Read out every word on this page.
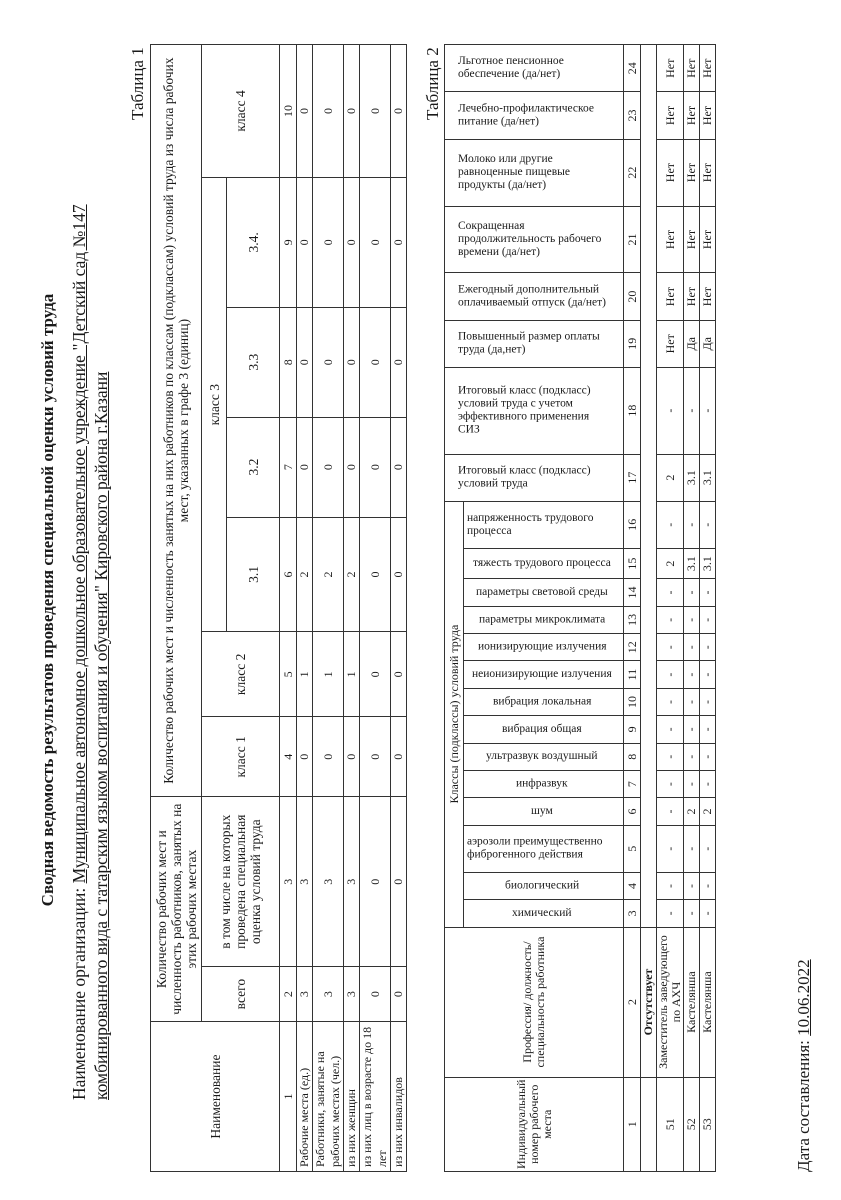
Сводная ведомость результатов проведения специальной оценки условий труда
Наименование организации: Муниципальное автономное дошкольное образовательное учреждение "Детский сад №147 комбинированного вида с татарским языком воспитания и обучения" Кировского района г.Казани
Таблица 1
Наименование	Количество рабочих мест и численность работников, занятых на этих рабочих местах		Количество рабочих мест и численность занятых на них работников по классам (подклассам) условий труда из числа рабочих мест, указанных в графе 3 (единиц)						
	всего	в том числе на которых проведена специальная оценка условий труда	класс 1	класс 2	класс 3				класс 4
					3.1	3.2	3.3	3.4.	
1	2	3	4	5	6	7	8	9	10
Рабочие места (ед.)	3	3	0	1	2	0	0	0	0
Работники, занятые на рабочих местах (чел.)	3	3	0	1	2	0	0	0	0
из них женщин	3	3	0	1	2	0	0	0	0
из них лиц в возрасте до 18 лет	0	0	0	0	0	0	0	0	0
из них инвалидов	0	0	0	0	0	0	0	0	0 Таблица 2
Индивидуальный номер рабочего места	Профессия/ должность/ специальность работника	Классы (подклассы) условий труда														Итоговый класс (подкласс) условий труда	Итоговый класс (подкласс) условий труда с учетом эффективного применения СИЗ	Повышенный размер оплаты труда (да,нет)	Ежегодный дополнительный оплачиваемый отпуск (да/нет)	Сокращенная продолжительность рабочего времени (да/нет)	Молоко или другие равноценные пищевые продукты (да/нет)	Лечебно-профилактическое питание (да/нет)	Льготное пенсионное обеспечение (да/нет)
		химический	биологический	аэрозоли преимущественно фиброгенного действия	шум	инфразвук	ультразвук воздушный	вибрация общая	вибрация локальная	неионизирующие излучения	ионизирующие излучения	параметры микроклимата	параметры световой среды	тяжесть трудового процесса	напряженность трудового процесса								
1	2	3	4	5	6	7	8	9	10	11	12	13	14	15	16	17	18	19	20	21	22	23	24
	Отсутствует																						
51	Заместитель заведующего по АХЧ	-	-	-	-	-	-	-	-	-	-	-	-	2	-	2	-	Нет	Нет	Нет	Нет	Нет	Нет
52	Кастелянша	-	-	-	2	-	-	-	-	-	-	-	-	3.1	-	3.1	-	Да	Нет	Нет	Нет	Нет	Нет
53	Кастелянша	-	-	-	2	-	-	-	-	-	-	-	-	3.1	-	3.1	-	Да	Нет	Нет	Нет	Нет	Нет
Дата составления: 10.06.2022
